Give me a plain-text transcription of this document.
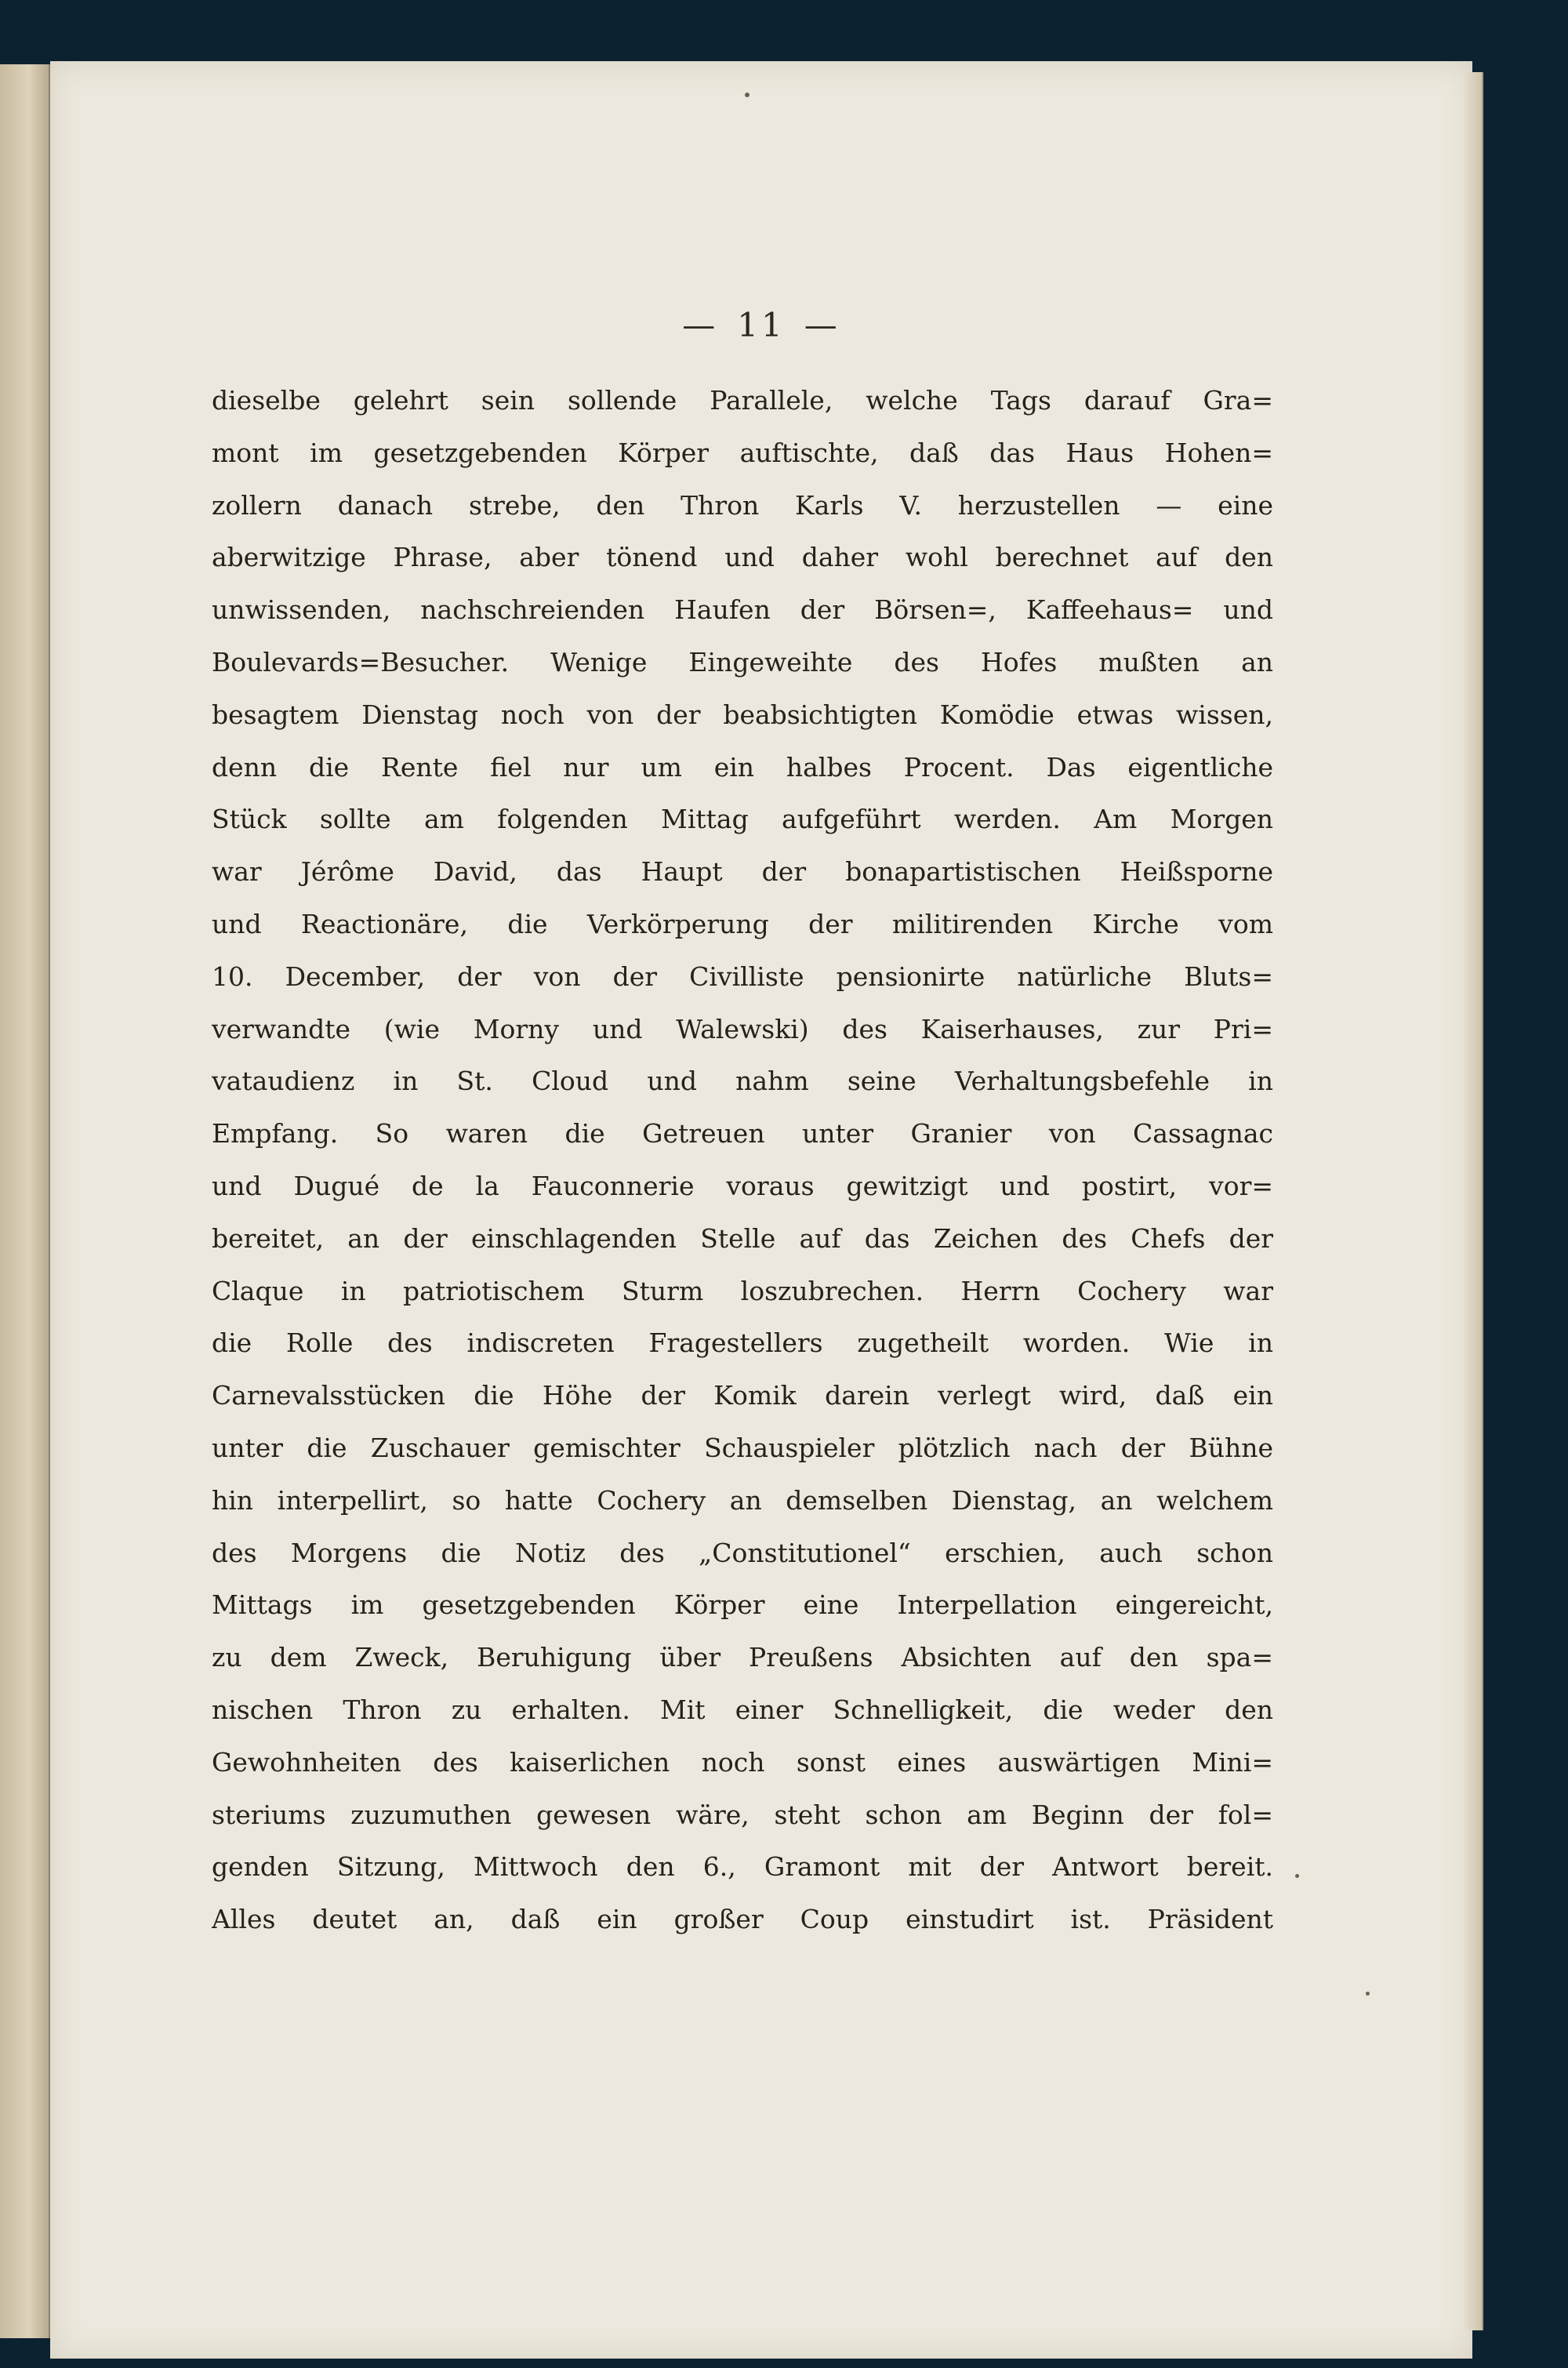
— 11 —
dieselbe gelehrt sein sollende Parallele, welche Tags darauf Gra=
mont im gesetzgebenden Körper auftischte, daß das Haus Hohen=
zollern danach strebe, den Thron Karls V. herzustellen — eine
aberwitzige Phrase, aber tönend und daher wohl berechnet auf den
unwissenden, nachschreienden Haufen der Börsen=, Kaffeehaus= und
Boulevards=Besucher. Wenige Eingeweihte des Hofes mußten an
besagtem Dienstag noch von der beabsichtigten Komödie etwas wissen,
denn die Rente fiel nur um ein halbes Procent. Das eigentliche
Stück sollte am folgenden Mittag aufgeführt werden. Am Morgen
war Jérôme David, das Haupt der bonapartistischen Heißsporne
und Reactionäre, die Verkörperung der militirenden Kirche vom
10. December, der von der Civilliste pensionirte natürliche Bluts=
verwandte (wie Morny und Walewski) des Kaiserhauses, zur Pri=
vataudienz in St. Cloud und nahm seine Verhaltungsbefehle in
Empfang. So waren die Getreuen unter Granier von Cassagnac
und Dugué de la Fauconnerie voraus gewitzigt und postirt, vor=
bereitet, an der einschlagenden Stelle auf das Zeichen des Chefs der
Claque in patriotischem Sturm loszubrechen. Herrn Cochery war
die Rolle des indiscreten Fragestellers zugetheilt worden. Wie in
Carnevalsstücken die Höhe der Komik darein verlegt wird, daß ein
unter die Zuschauer gemischter Schauspieler plötzlich nach der Bühne
hin interpellirt, so hatte Cochery an demselben Dienstag, an welchem
des Morgens die Notiz des „Constitutionel“ erschien, auch schon
Mittags im gesetzgebenden Körper eine Interpellation eingereicht,
zu dem Zweck, Beruhigung über Preußens Absichten auf den spa=
nischen Thron zu erhalten. Mit einer Schnelligkeit, die weder den
Gewohnheiten des kaiserlichen noch sonst eines auswärtigen Mini=
steriums zuzumuthen gewesen wäre, steht schon am Beginn der fol=
genden Sitzung, Mittwoch den 6., Gramont mit der Antwort bereit.
Alles deutet an, daß ein großer Coup einstudirt ist. Präsident
